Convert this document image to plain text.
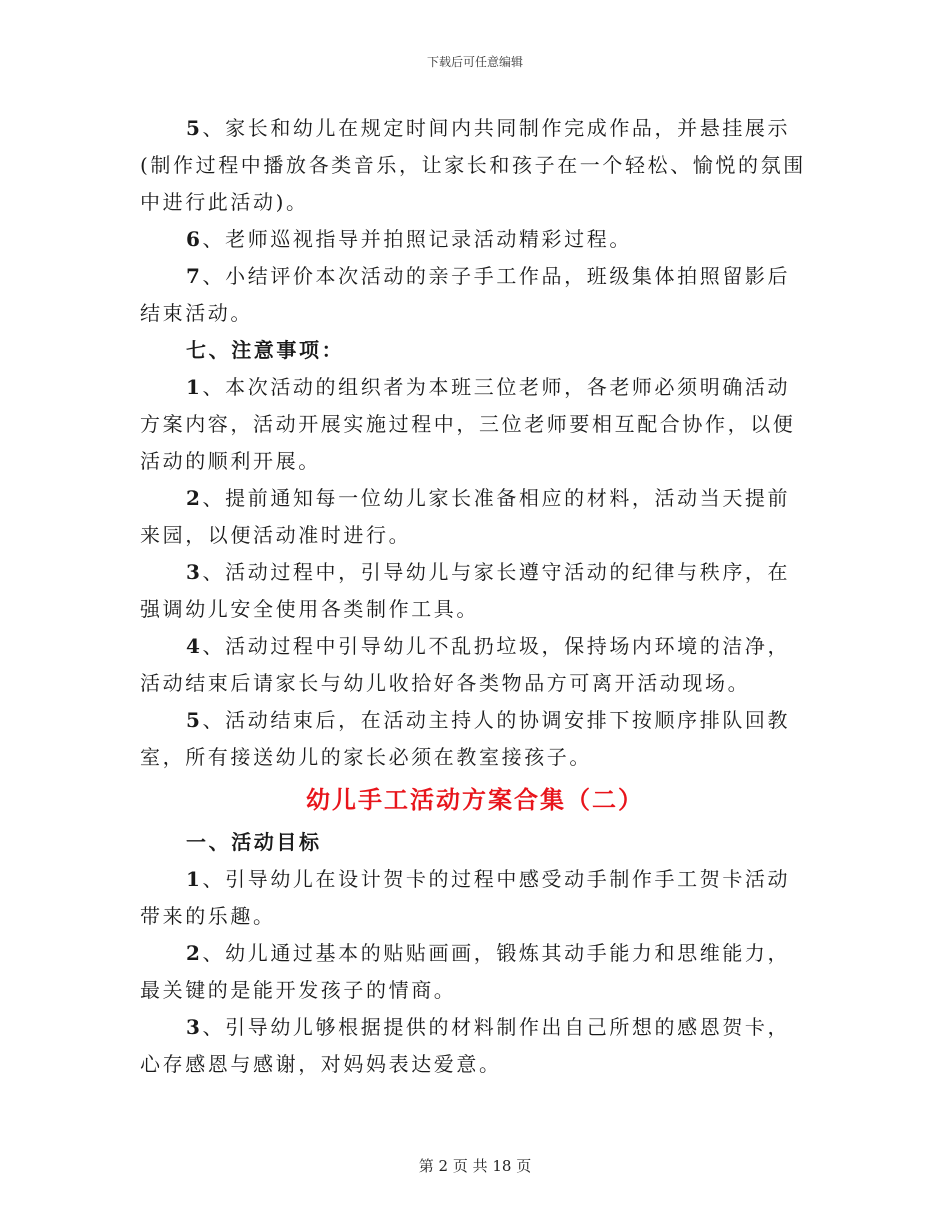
下载后可任意编辑

5、家长和幼儿在规定时间内共同制作完成作品，并悬挂展示(制作过程中播放各类音乐，让家长和孩子在一个轻松、愉悦的氛围中进行此活动)。

6、老师巡视指导并拍照记录活动精彩过程。

7、小结评价本次活动的亲子手工作品，班级集体拍照留影后结束活动。

七、注意事项：

1、本次活动的组织者为本班三位老师，各老师必须明确活动方案内容，活动开展实施过程中，三位老师要相互配合协作，以便活动的顺利开展。

2、提前通知每一位幼儿家长准备相应的材料，活动当天提前来园，以便活动准时进行。

3、活动过程中，引导幼儿与家长遵守活动的纪律与秩序，在强调幼儿安全使用各类制作工具。

4、活动过程中引导幼儿不乱扔垃圾，保持场内环境的洁净，活动结束后请家长与幼儿收拾好各类物品方可离开活动现场。

5、活动结束后，在活动主持人的协调安排下按顺序排队回教室，所有接送幼儿的家长必须在教室接孩子。

幼儿手工活动方案合集（二）

一、活动目标

1、引导幼儿在设计贺卡的过程中感受动手制作手工贺卡活动带来的乐趣。

2、幼儿通过基本的贴贴画画，锻炼其动手能力和思维能力，最关键的是能开发孩子的情商。

3、引导幼儿够根据提供的材料制作出自己所想的感恩贺卡，心存感恩与感谢，对妈妈表达爱意。

第 2 页 共 18 页
